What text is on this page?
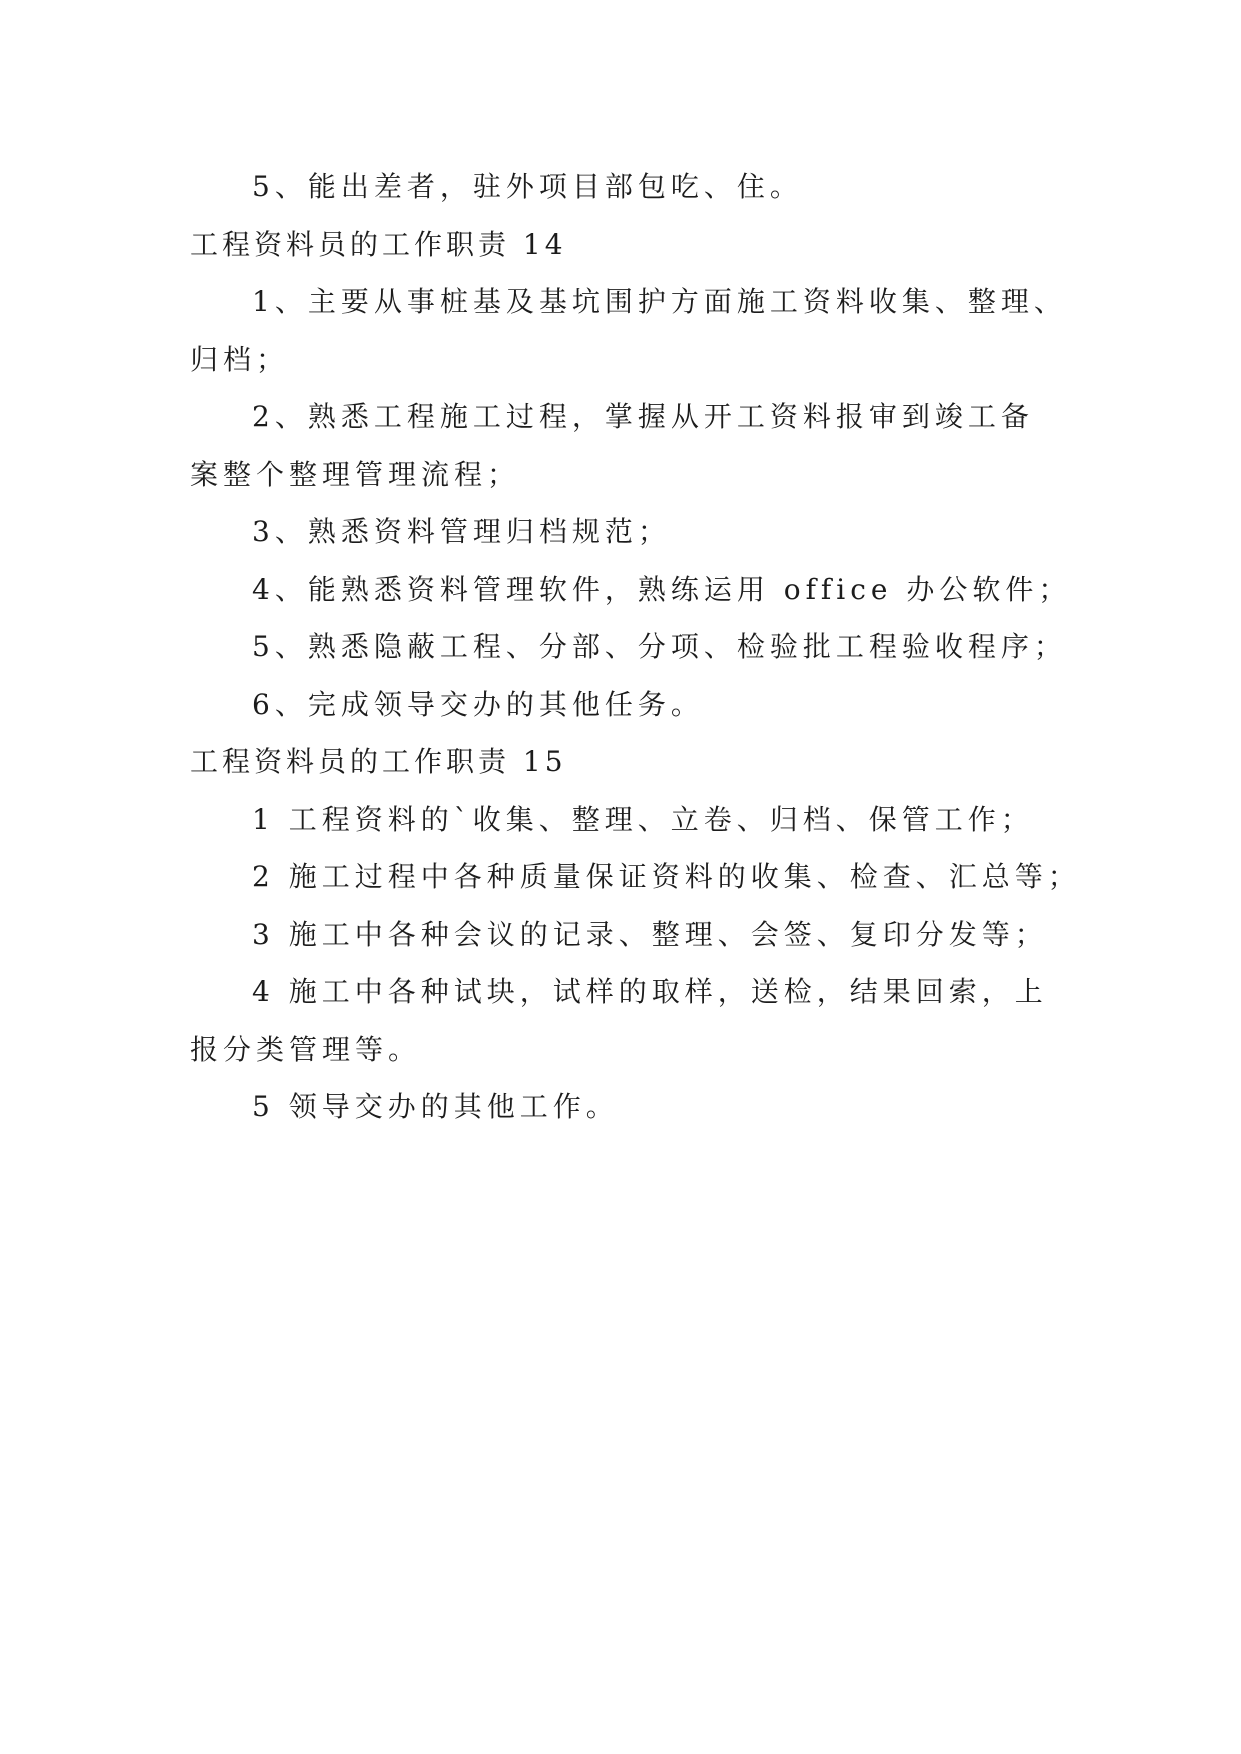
5、能出差者，驻外项目部包吃、住。

工程资料员的工作职责 14

1、主要从事桩基及基坑围护方面施工资料收集、整理、

归档；

2、熟悉工程施工过程，掌握从开工资料报审到竣工备

案整个整理管理流程；

3、熟悉资料管理归档规范；

4、能熟悉资料管理软件，熟练运用 office 办公软件；

5、熟悉隐蔽工程、分部、分项、检验批工程验收程序；

6、完成领导交办的其他任务。

工程资料员的工作职责 15

1 工程资料的`收集、整理、立卷、归档、保管工作；

2 施工过程中各种质量保证资料的收集、检查、汇总等；

3 施工中各种会议的记录、整理、会签、复印分发等；

4 施工中各种试块，试样的取样，送检，结果回索，上

报分类管理等。

5 领导交办的其他工作。
